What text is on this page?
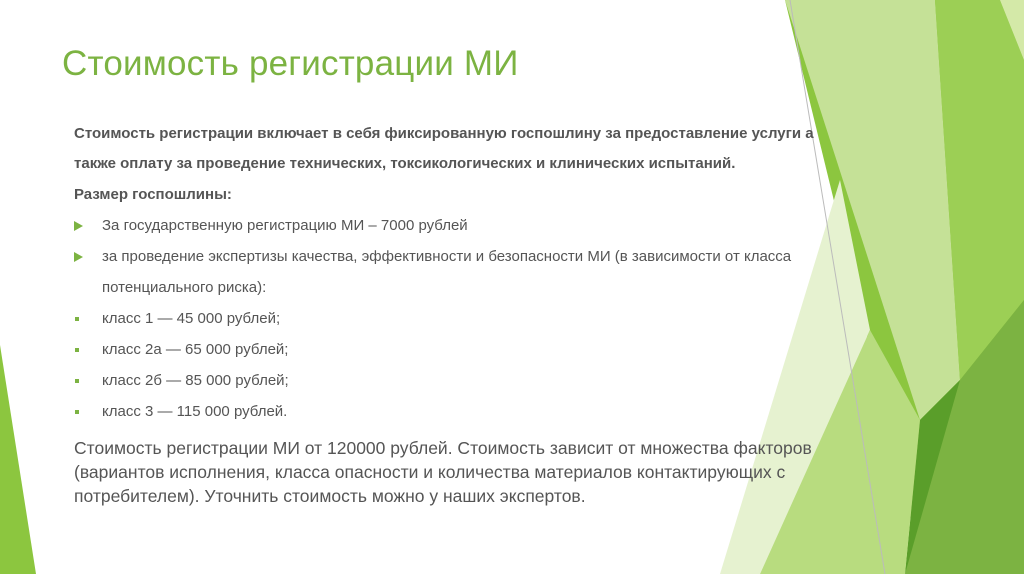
Стоимость регистрации МИ
Стоимость регистрации включает в себя фиксированную госпошлину за предоставление услуги а также оплату за проведение технических, токсикологических и клинических испытаний.
Размер госпошлины:
За государственную регистрацию МИ – 7000 рублей
за проведение экспертизы качества, эффективности и безопасности МИ (в зависимости от класса потенциального риска):
класс 1 — 45 000 рублей;
класс 2а — 65 000 рублей;
класс 2б — 85 000 рублей;
класс 3 — 115 000 рублей.
Стоимость регистрации МИ от 120000 рублей. Стоимость зависит от множества факторов (вариантов исполнения, класса опасности и количества материалов контактирующих с потребителем). Уточнить стоимость можно у наших экспертов.
